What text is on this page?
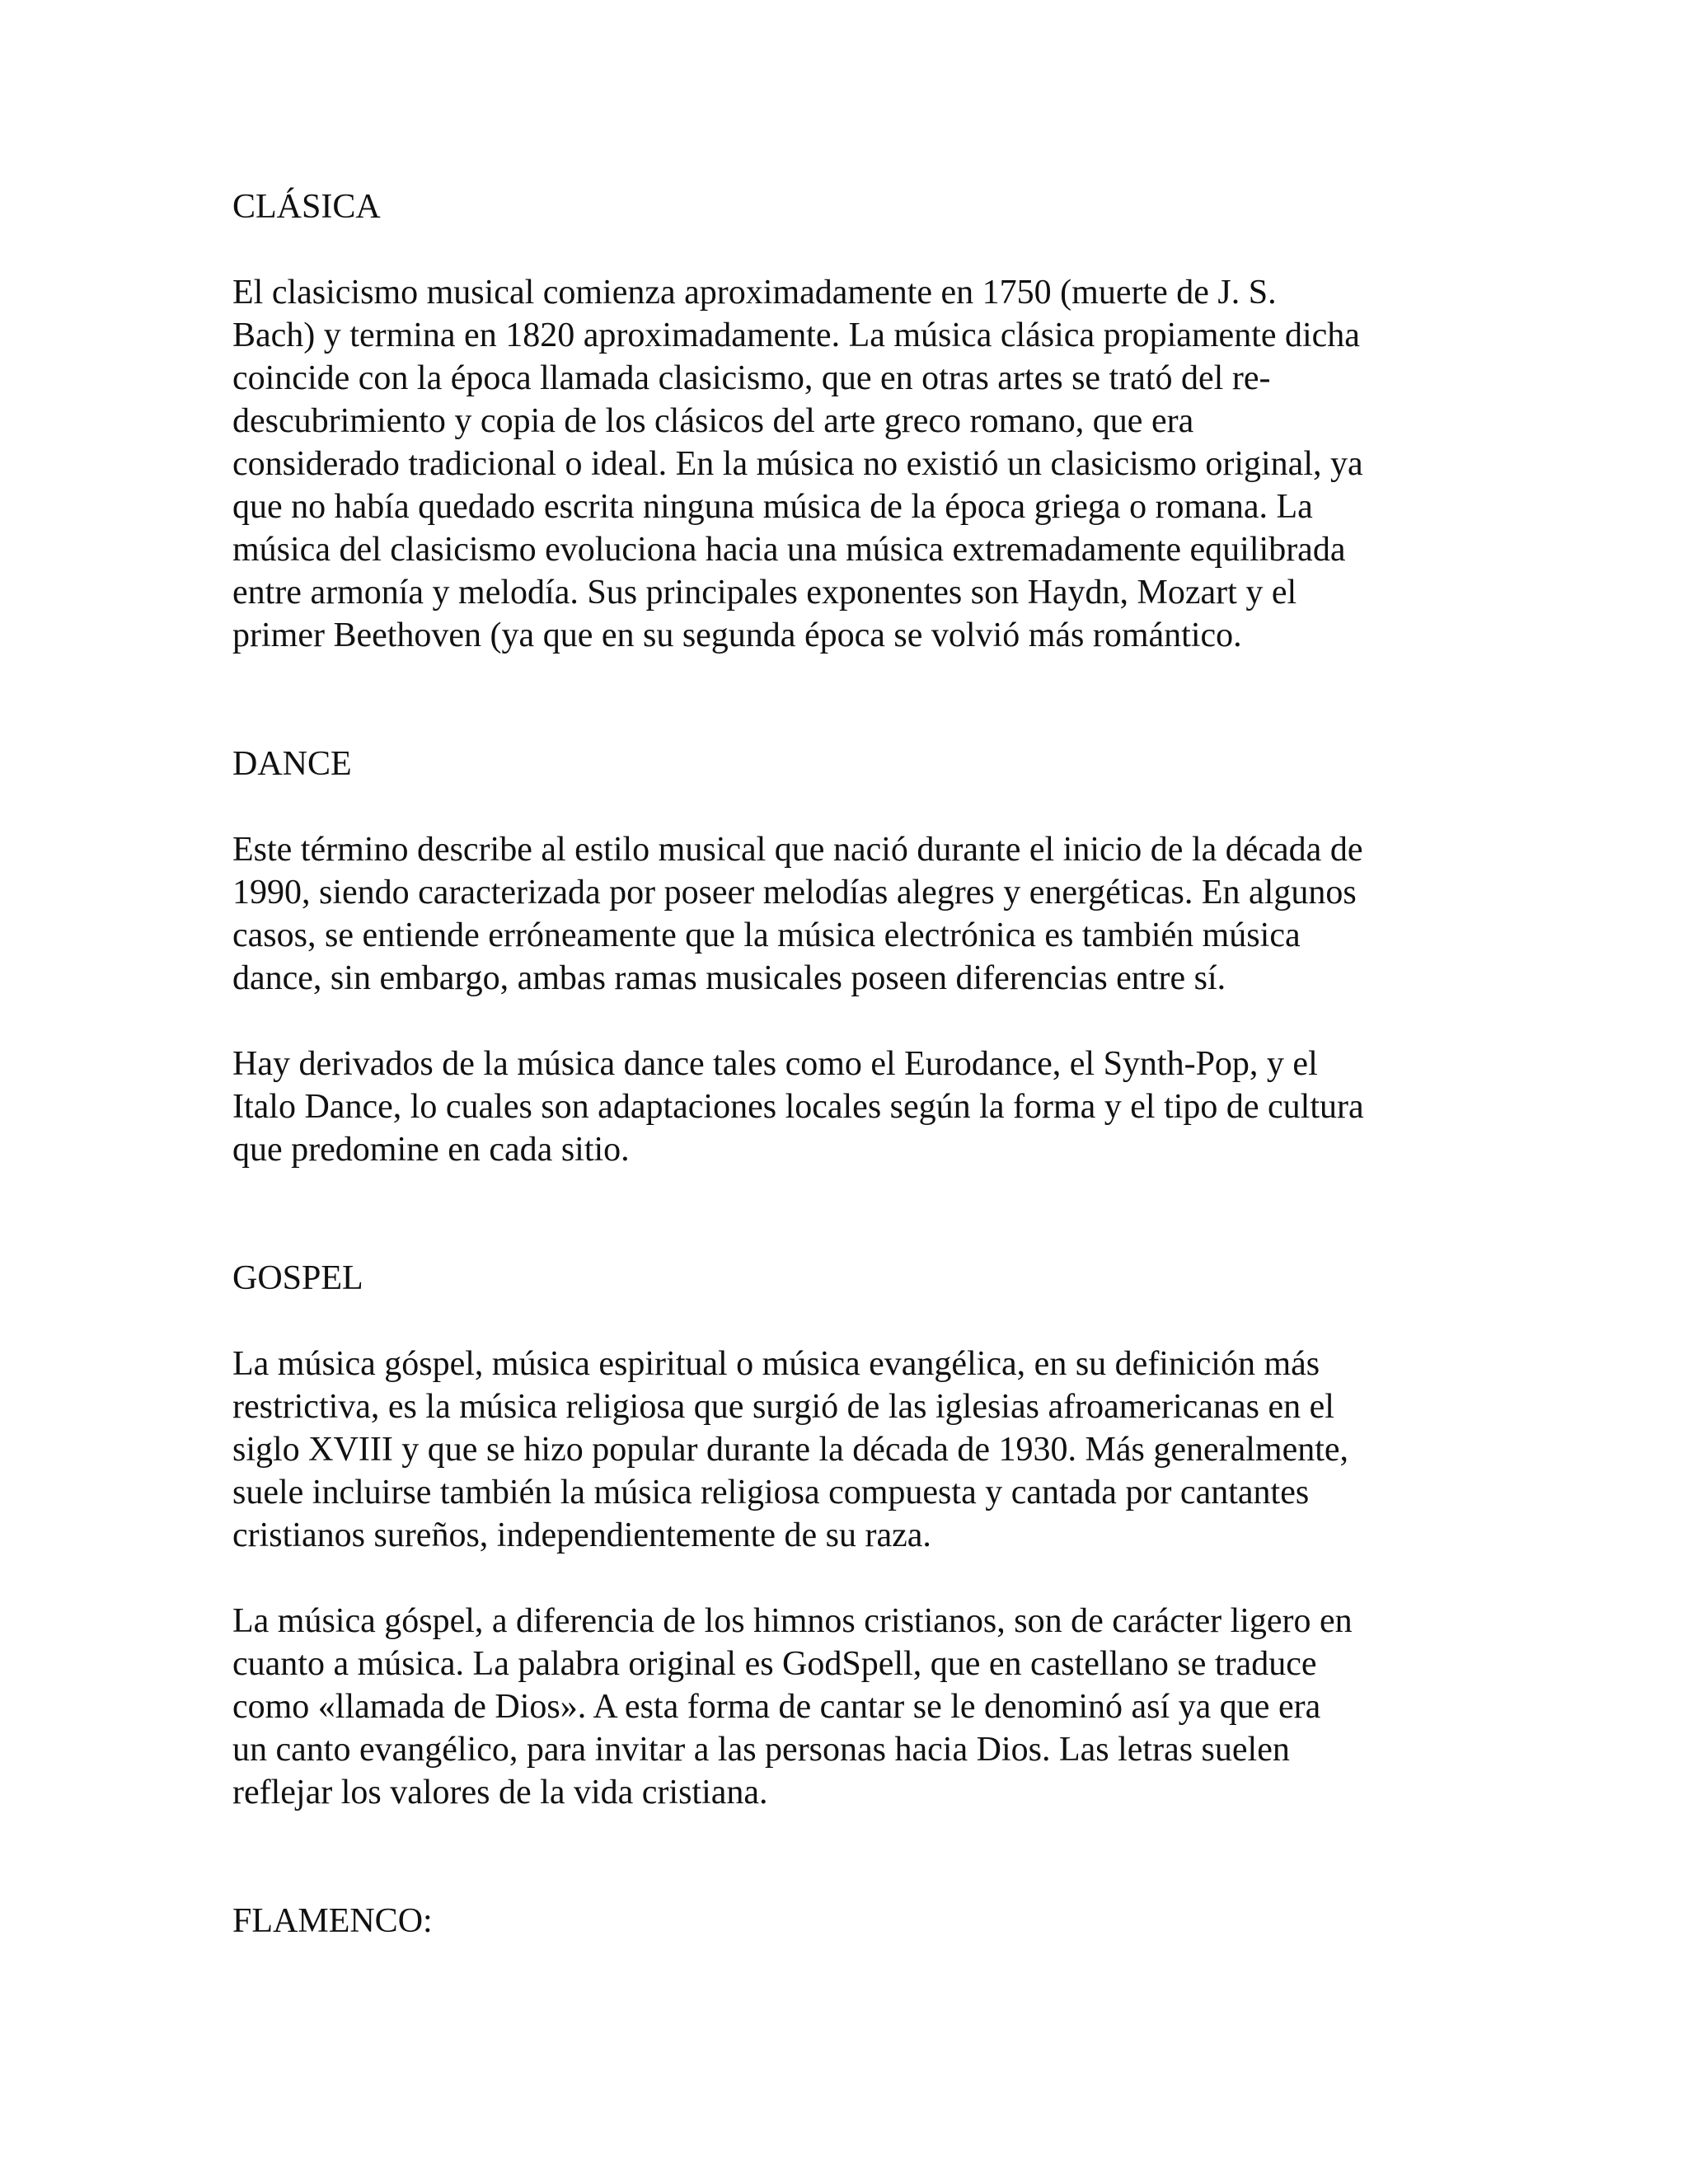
CLÁSICA

El clasicismo musical comienza aproximadamente en 1750 (muerte de J. S.
Bach) y termina en 1820 aproximadamente. La música clásica propiamente dicha
coincide con la época llamada clasicismo, que en otras artes se trató del re-
descubrimiento y copia de los clásicos del arte greco romano, que era
considerado tradicional o ideal. En la música no existió un clasicismo original, ya
que no había quedado escrita ninguna música de la época griega o romana. La
música del clasicismo evoluciona hacia una música extremadamente equilibrada
entre armonía y melodía. Sus principales exponentes son Haydn, Mozart y el
primer Beethoven (ya que en su segunda época se volvió más romántico.

DANCE

Este término describe al estilo musical que nació durante el inicio de la década de
1990, siendo caracterizada por poseer melodías alegres y energéticas. En algunos
casos, se entiende erróneamente que la música electrónica es también música
dance, sin embargo, ambas ramas musicales poseen diferencias entre sí.

Hay derivados de la música dance tales como el Eurodance, el Synth-Pop, y el
Italo Dance, lo cuales son adaptaciones locales según la forma y el tipo de cultura
que predomine en cada sitio.

GOSPEL

La música góspel, música espiritual o música evangélica, en su definición más
restrictiva, es la música religiosa que surgió de las iglesias afroamericanas en el
siglo XVIII y que se hizo popular durante la década de 1930. Más generalmente,
suele incluirse también la música religiosa compuesta y cantada por cantantes
cristianos sureños, independientemente de su raza.

La música góspel, a diferencia de los himnos cristianos, son de carácter ligero en
cuanto a música. La palabra original es GodSpell, que en castellano se traduce
como «llamada de Dios». A esta forma de cantar se le denominó así ya que era
un canto evangélico, para invitar a las personas hacia Dios. Las letras suelen
reflejar los valores de la vida cristiana.

FLAMENCO:
